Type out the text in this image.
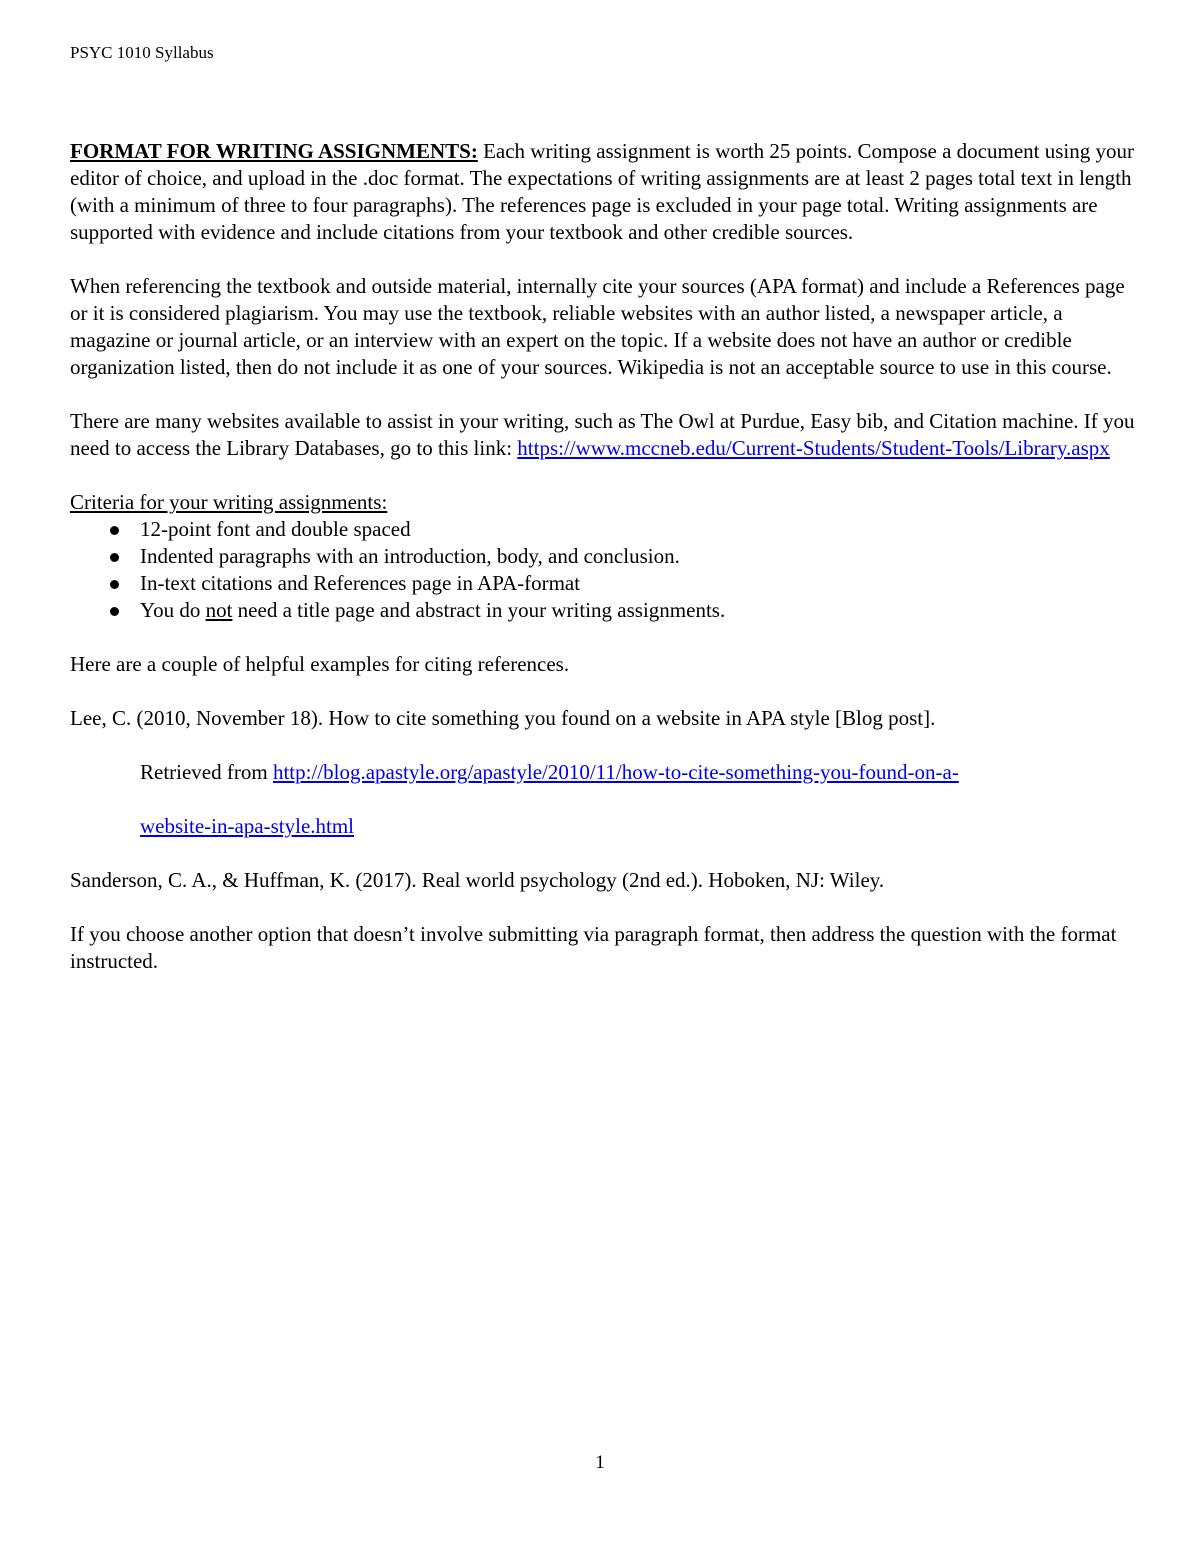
PSYC 1010 Syllabus

FORMAT FOR WRITING ASSIGNMENTS: Each writing assignment is worth 25 points. Compose a document using your editor of choice, and upload in the .doc format. The expectations of writing assignments are at least 2 pages total text in length (with a minimum of three to four paragraphs). The references page is excluded in your page total. Writing assignments are supported with evidence and include citations from your textbook and other credible sources.

When referencing the textbook and outside material, internally cite your sources (APA format) and include a References page or it is considered plagiarism. You may use the textbook, reliable websites with an author listed, a newspaper article, a magazine or journal article, or an interview with an expert on the topic. If a website does not have an author or credible organization listed, then do not include it as one of your sources. Wikipedia is not an acceptable source to use in this course.

There are many websites available to assist in your writing, such as The Owl at Purdue, Easy bib, and Citation machine. If you need to access the Library Databases, go to this link: https://www.mccneb.edu/Current-Students/Student-Tools/Library.aspx

Criteria for your writing assignments:

12-point font and double spaced
Indented paragraphs with an introduction, body, and conclusion.
In-text citations and References page in APA-format
You do not need a title page and abstract in your writing assignments.

Here are a couple of helpful examples for citing references.

Lee, C. (2010, November 18). How to cite something you found on a website in APA style [Blog post].

Retrieved from http://blog.apastyle.org/apastyle/2010/11/how-to-cite-something-you-found-on-a-

website-in-apa-style.html

Sanderson, C. A., & Huffman, K. (2017). Real world psychology (2nd ed.). Hoboken, NJ: Wiley.

If you choose another option that doesn’t involve submitting via paragraph format, then address the question with the format instructed.

1
